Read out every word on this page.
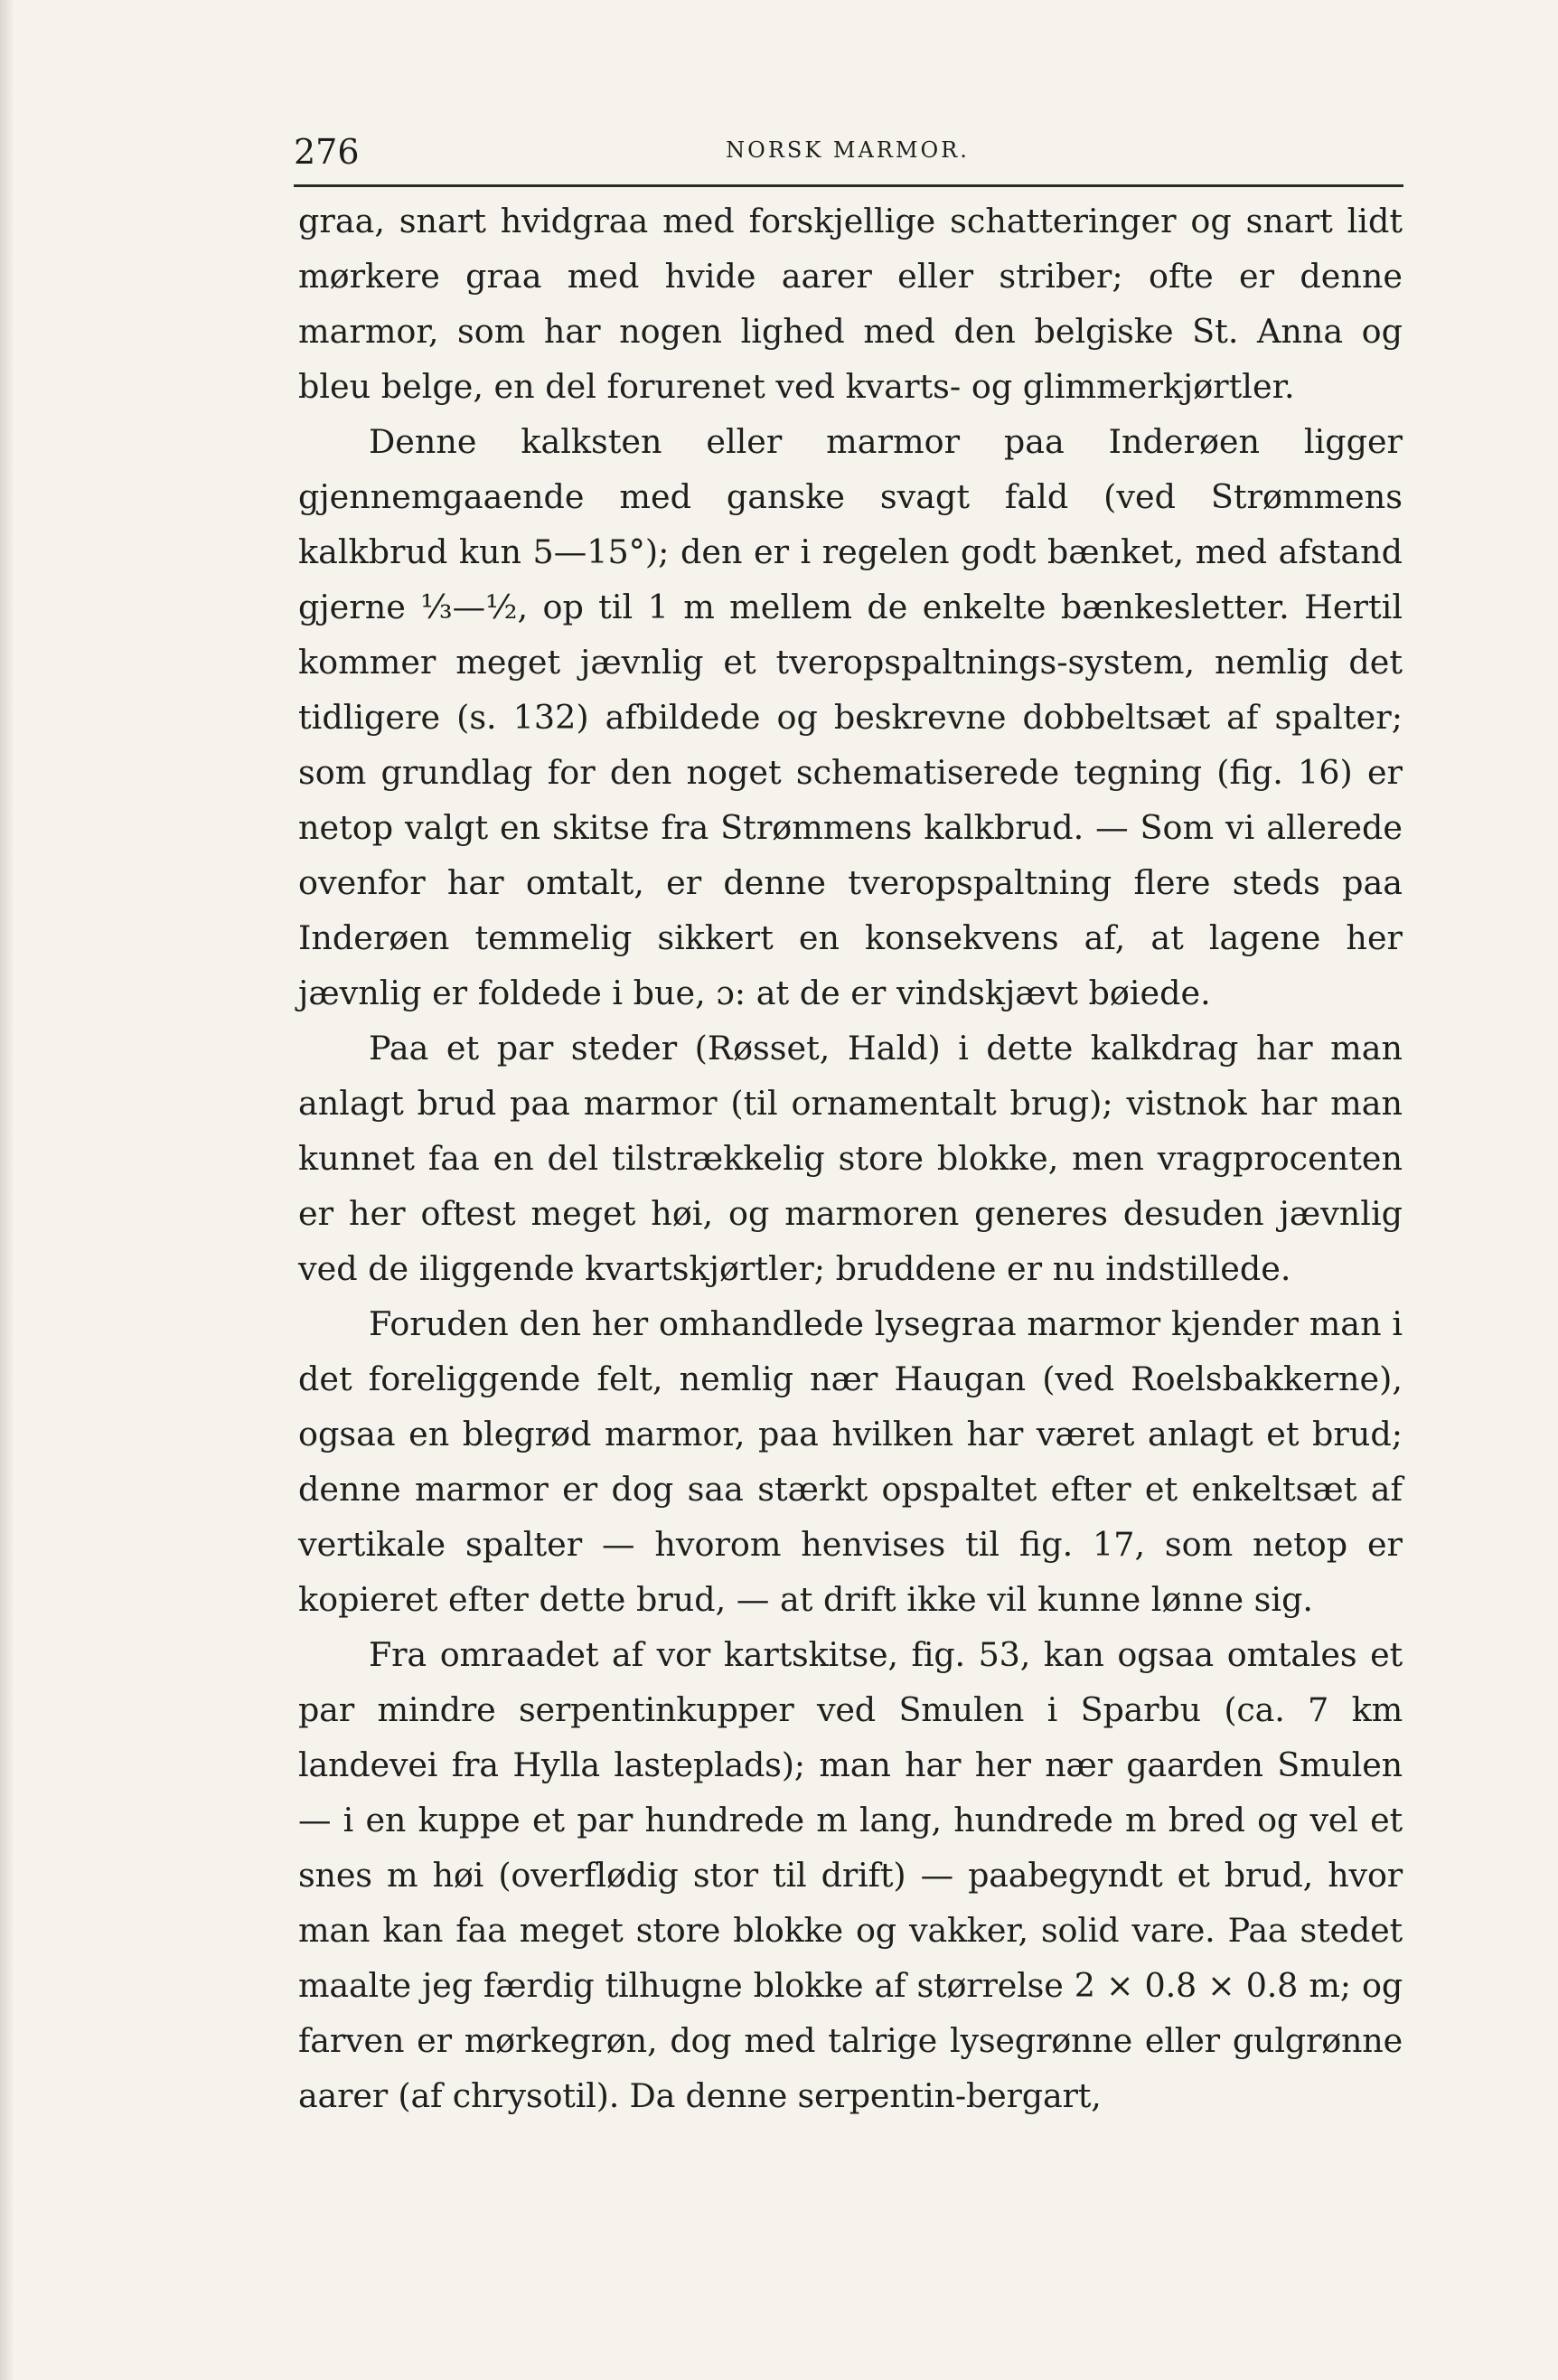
276	NORSK MARMOR.

graa, snart hvidgraa med forskjellige schatteringer og snart lidt mørkere graa med hvide aarer eller striber; ofte er denne marmor, som har nogen lighed med den belgiske St. Anna og bleu belge, en del forurenet ved kvarts- og glimmerkjørtler.

Denne kalksten eller marmor paa Inderøen ligger gjennemgaaende med ganske svagt fald (ved Strømmens kalkbrud kun 5—15°); den er i regelen godt bænket, med afstand gjerne ⅓—½, op til 1 m mellem de enkelte bænkesletter. Hertil kommer meget jævnlig et tveropspaltnings-system, nemlig det tidligere (s. 132) afbildede og beskrevne dobbeltsæt af spalter; som grundlag for den noget schematiserede tegning (fig. 16) er netop valgt en skitse fra Strømmens kalkbrud. — Som vi allerede ovenfor har omtalt, er denne tveropspaltning flere steds paa Inderøen temmelig sikkert en konsekvens af, at lagene her jævnlig er foldede i bue, ɔ: at de er vindskjævt bøiede.

Paa et par steder (Røsset, Hald) i dette kalkdrag har man anlagt brud paa marmor (til ornamentalt brug); vistnok har man kunnet faa en del tilstrækkelig store blokke, men vragprocenten er her oftest meget høi, og marmoren generes desuden jævnlig ved de iliggende kvartskjørtler; bruddene er nu indstillede.

Foruden den her omhandlede lysegraa marmor kjender man i det foreliggende felt, nemlig nær Haugan (ved Roelsbakkerne), ogsaa en blegrød marmor, paa hvilken har været anlagt et brud; denne marmor er dog saa stærkt opspaltet efter et enkeltsæt af vertikale spalter — hvorom henvises til fig. 17, som netop er kopieret efter dette brud, — at drift ikke vil kunne lønne sig.

Fra omraadet af vor kartskitse, fig. 53, kan ogsaa omtales et par mindre serpentinkupper ved Smulen i Sparbu (ca. 7 km landevei fra Hylla lasteplads); man har her nær gaarden Smulen — i en kuppe et par hundrede m lang, hundrede m bred og vel et snes m høi (overflødig stor til drift) — paabegyndt et brud, hvor man kan faa meget store blokke og vakker, solid vare. Paa stedet maalte jeg færdig tilhugne blokke af størrelse 2 × 0.8 × 0.8 m; og farven er mørkegrøn, dog med talrige lysegrønne eller gulgrønne aarer (af chrysotil). Da denne serpentin-bergart,
